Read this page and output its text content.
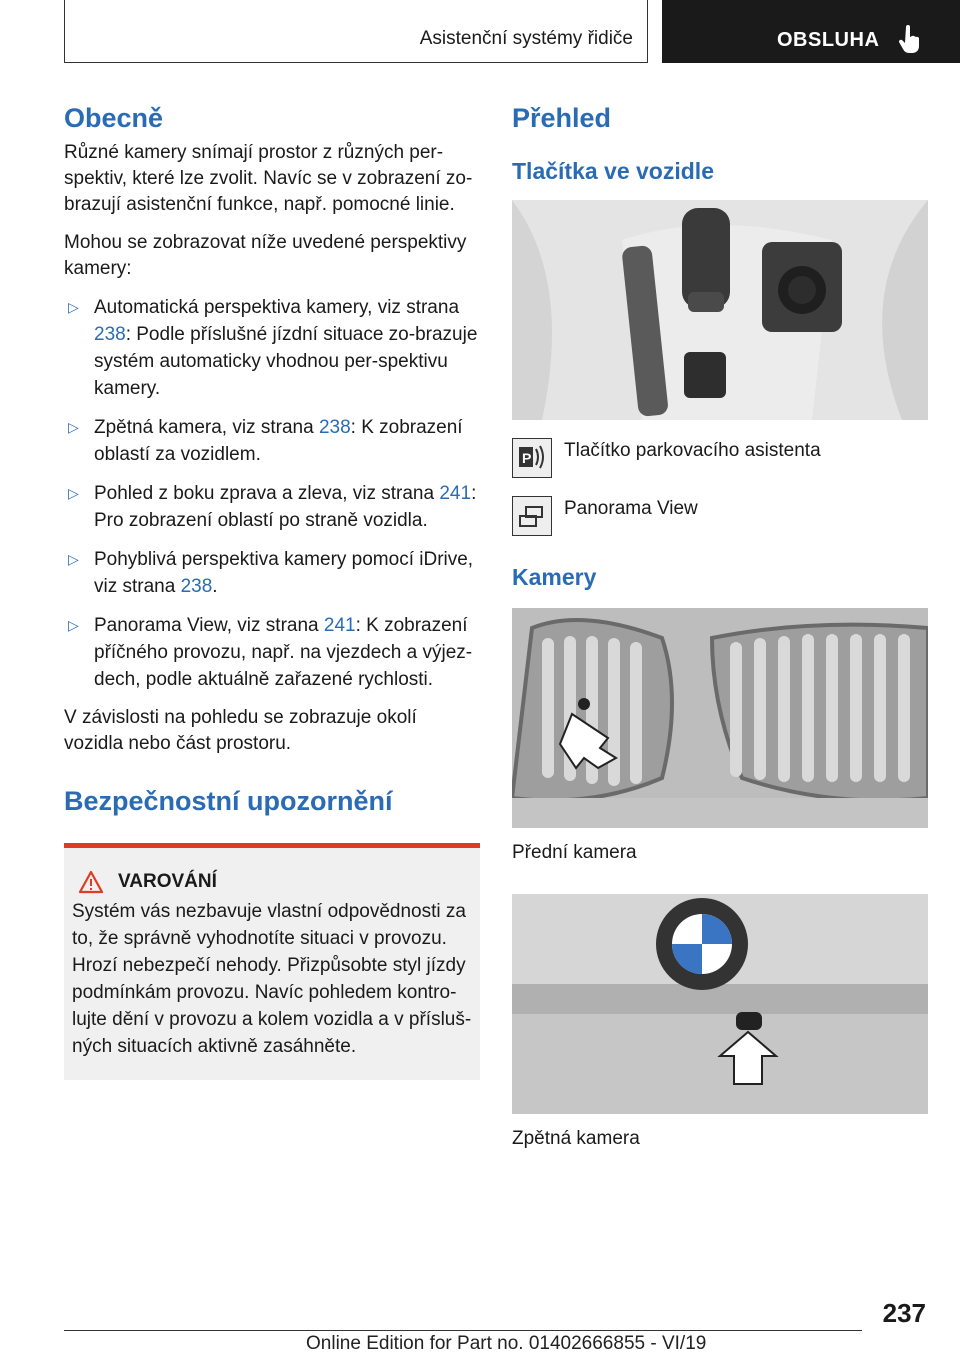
Asistenční systémy řidiče	OBSLUHA
Obecně

Různé kamery snímají prostor z různých per-spektiv, které lze zvolit. Navíc se v zobrazení zo-brazují asistenční funkce, např. pomocné linie.

Mohou se zobrazovat níže uvedené perspektivy kamery:

▷ Automatická perspektiva kamery, viz strana 238: Podle příslušné jízdní situace zo-brazuje systém automaticky vhodnou per-spektivu kamery.
▷ Zpětná kamera, viz strana 238: K zobrazení oblastí za vozidlem.
▷ Pohled z boku zprava a zleva, viz strana 241: Pro zobrazení oblastí po straně vozidla.
▷ Pohyblivá perspektiva kamery pomocí iDrive, viz strana 238.
▷ Panorama View, viz strana 241: K zobrazení příčného provozu, např. na vjezdech a výjez-dech, podle aktuálně zařazené rychlosti.

V závislosti na pohledu se zobrazuje okolí vozidla nebo část prostoru.

Bezpečnostní upozornění
VAROVÁNÍ

Systém vás nezbavuje vlastní odpovědnosti za to, že správně vyhodnotíte situaci v provozu. Hrozí nebezpečí nehody. Přizpůsobte styl jízdy podmínkám provozu. Navíc pohledem kontro-lujte dění v provozu a kolem vozidla a v přísluš-ných situacích aktivně zasáhněte.

Přehled
Tlačítka ve vozidle
P Tlačítko parkovacího asistenta
Panorama View
Kamery

Přední kamera

Zpětná kamera

237
Online Edition for Part no. 01402666855 - VI/19
